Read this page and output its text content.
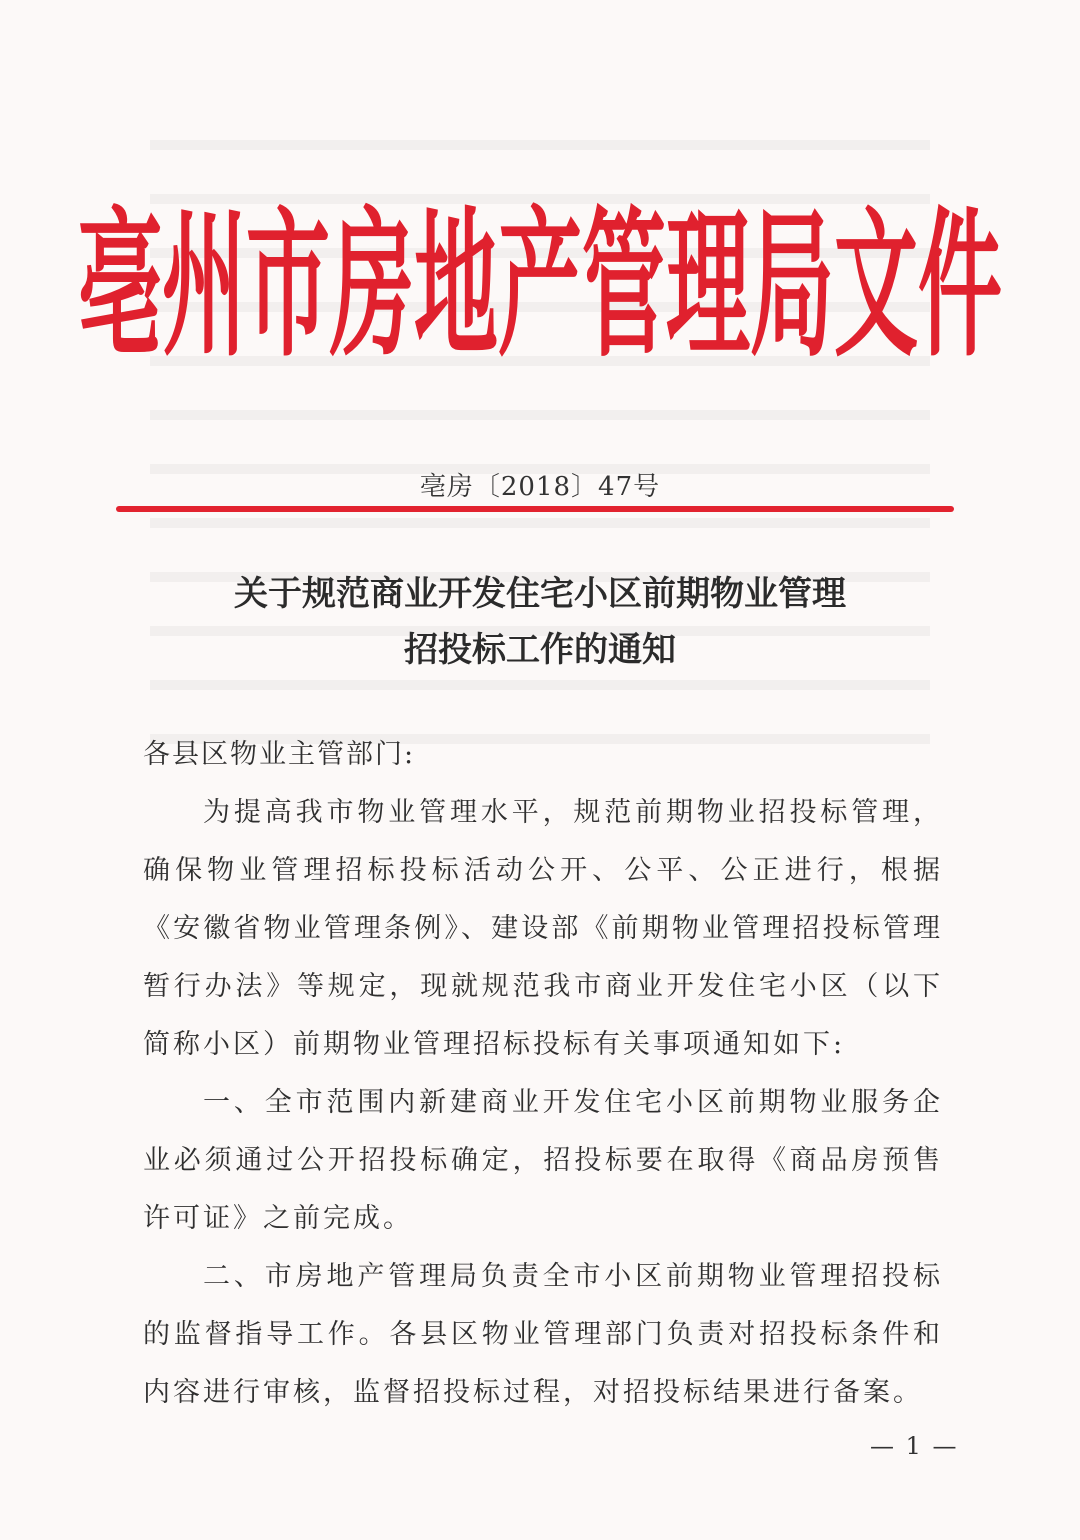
亳州市房地产管理局文件
亳房〔2018〕47号
关于规范商业开发住宅小区前期物业管理
招投标工作的通知

各县区物业主管部门:

为提高我市物业管理水平，规范前期物业招投标管理，确保物业管理招标投标活动公开、公平、公正进行，根据《安徽省物业管理条例》、建设部《前期物业管理招投标管理暂行办法》等规定，现就规范我市商业开发住宅小区（以下简称小区）前期物业管理招标投标有关事项通知如下:

一、全市范围内新建商业开发住宅小区前期物业服务企业必须通过公开招投标确定，招投标要在取得《商品房预售许可证》之前完成。

二、市房地产管理局负责全市小区前期物业管理招投标的监督指导工作。各县区物业管理部门负责对招投标条件和内容进行审核，监督招投标过程，对招投标结果进行备案。

— 1 —
